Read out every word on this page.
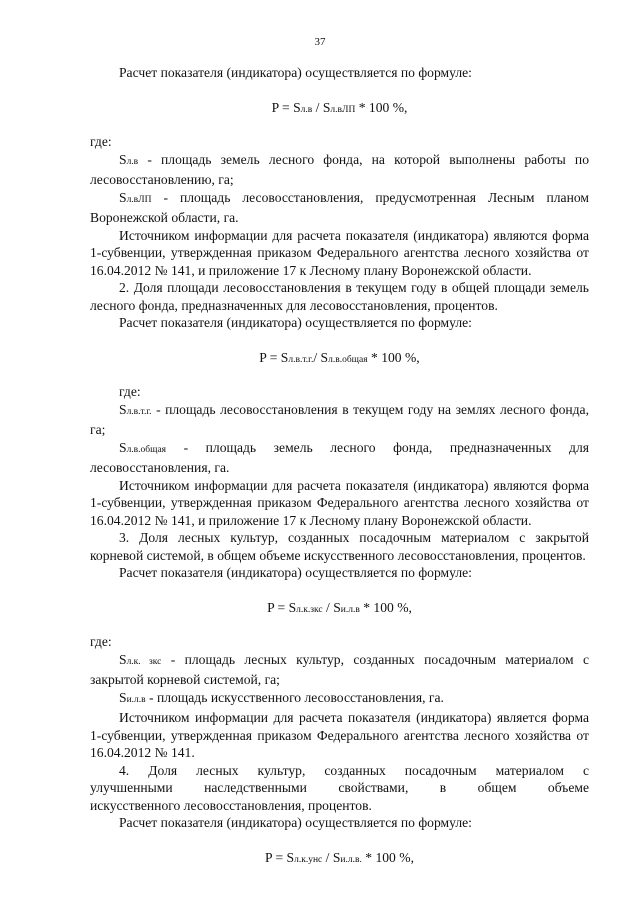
37

Расчет показателя (индикатора) осуществляется по формуле:

P = Sл.в / Sл.вЛП * 100 %,

где:

Sл.в - площадь земель лесного фонда, на которой выполнены работы по лесовосстановлению, га;

Sл.вЛП - площадь лесовосстановления, предусмотренная Лесным планом Воронежской области, га.

Источником информации для расчета показателя (индикатора) являются форма 1-субвенции, утвержденная приказом Федерального агентства лесного хозяйства от 16.04.2012 № 141, и приложение 17 к Лесному плану Воронежской области.

2. Доля площади лесовосстановления в текущем году в общей площади земель лесного фонда, предназначенных для лесовосстановления, процентов.

Расчет показателя (индикатора) осуществляется по формуле:

P = Sл.в.т.г./ Sл.в.общая * 100 %,

где:

Sл.в.т.г. - площадь лесовосстановления в текущем году на землях лесного фонда, га;

Sл.в.общая - площадь земель лесного фонда, предназначенных для лесовосстановления, га.

Источником информации для расчета показателя (индикатора) являются форма 1-субвенции, утвержденная приказом Федерального агентства лесного хозяйства от 16.04.2012 № 141, и приложение 17 к Лесному плану Воронежской области.

3. Доля лесных культур, созданных посадочным материалом с закрытой корневой системой, в общем объеме искусственного лесовосстановления, процентов.

Расчет показателя (индикатора) осуществляется по формуле:

P = Sл.к.зкс / Sи.л.в * 100 %,

где:

Sл.к. зкс - площадь лесных культур, созданных посадочным материалом с закрытой корневой системой, га;

Sи.л.в - площадь искусственного лесовосстановления, га.

Источником информации для расчета показателя (индикатора) является форма 1-субвенции, утвержденная приказом Федерального агентства лесного хозяйства от 16.04.2012 № 141.

4. Доля лесных культур, созданных посадочным материалом с

улучшенными наследственными свойствами, в общем объеме

искусственного лесовосстановления, процентов.

Расчет показателя (индикатора) осуществляется по формуле:

P = Sл.к.унс / Sи.л.в. * 100 %,
